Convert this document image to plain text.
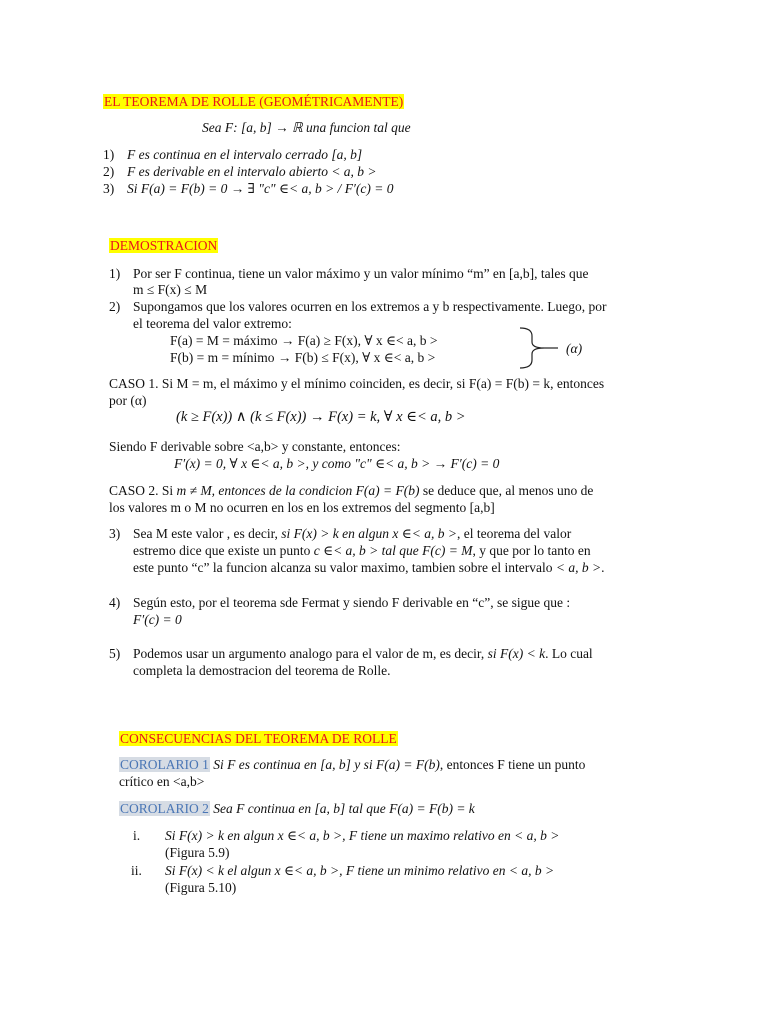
EL TEOREMA DE ROLLE (GEOMÉTRICAMENTE)
Sea F: [a, b] → ℝ una funcion tal que
1) F es continua en el intervalo cerrado [a, b]
2) F es derivable en el intervalo abierto < a, b >
3) Si F(a) = F(b) = 0 → ∃ "c" ∈< a, b > / F′(c) = 0
DEMOSTRACION
1) Por ser F continua, tiene un valor máximo y un valor mínimo “m” en [a,b], tales que
m ≤ F(x) ≤ M
2) Supongamos que los valores ocurren en los extremos a y b respectivamente. Luego, por
el teorema del valor extremo:
F(a) = M = máximo → F(a) ≥ F(x), ∀ x ∈< a, b >
F(b) = m = mínimo → F(b) ≤ F(x), ∀ x ∈< a, b >
(α)
CASO 1. Si M = m, el máximo y el mínimo coinciden, es decir, si F(a) = F(b) = k, entonces
por (α)
(k ≥ F(x)) ∧ (k ≤ F(x)) → F(x) = k, ∀ x ∈< a, b >
Siendo F derivable sobre <a,b> y constante, entonces:
F′(x) = 0, ∀ x ∈< a, b >, y como "c" ∈< a, b > → F′(c) = 0
CASO 2. Si m ≠ M, entonces de la condicion F(a) = F(b) se deduce que, al menos uno de
los valores m o M no ocurren en los en los extremos del segmento [a,b]
3) Sea M este valor , es decir, si F(x) > k en algun x ∈< a, b >, el teorema del valor
estremo dice que existe un punto c ∈< a, b > tal que F(c) = M, y que por lo tanto en
este punto “c” la funcion alcanza su valor maximo, tambien sobre el intervalo < a, b >.
4) Según esto, por el teorema sde Fermat y siendo F derivable en “c”, se sigue que :
F′(c) = 0
5) Podemos usar un argumento analogo para el valor de m, es decir, si F(x) < k. Lo cual
completa la demostracion del teorema de Rolle.
CONSECUENCIAS DEL TEOREMA DE ROLLE
COROLARIO 1 Si F es continua en [a, b] y si F(a) = F(b), entonces F tiene un punto
crítico en <a,b>
COROLARIO 2 Sea F continua en [a, b] tal que F(a) = F(b) = k
i. Si F(x) > k en algun x ∈< a, b >, F tiene un maximo relativo en < a, b >
(Figura 5.9)
ii. Si F(x) < k el algun x ∈< a, b >, F tiene un minimo relativo en < a, b >
(Figura 5.10)
